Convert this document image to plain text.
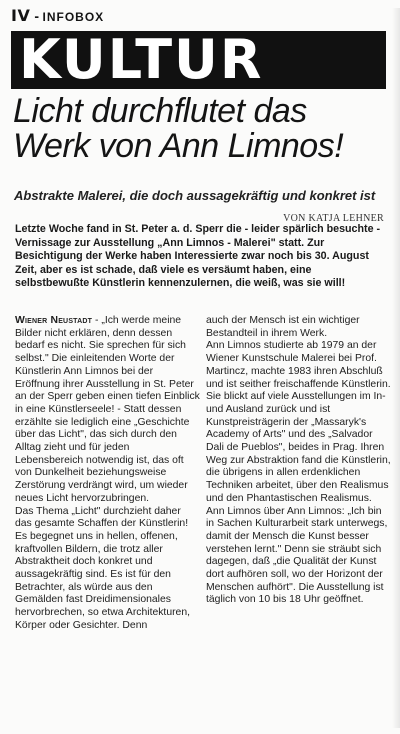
IV - INFOBOX
KULTUR
Licht durchflutet das Werk von Ann Limnos!
Abstrakte Malerei, die doch aussagekräftig und konkret ist
VON KATJA LEHNER
Letzte Woche fand in St. Peter a. d. Sperr die - leider spärlich besuchte - Vernissage zur Ausstellung „Ann Limnos - Malerei" statt. Zur Besichtigung der Werke haben Interessierte zwar noch bis 30. August Zeit, aber es ist schade, daß viele es versäumt haben, eine selbstbewußte Künstlerin kennenzulernen, die weiß, was sie will!

Wiener Neustadt - „Ich werde meine Bilder nicht erklären, denn dessen bedarf es nicht. Sie sprechen für sich selbst." Die einleitenden Worte der Künstlerin Ann Limnos bei der Eröffnung ihrer Ausstellung in St. Peter an der Sperr geben einen tiefen Einblick in eine Künstlerseele! - Statt dessen erzählte sie lediglich eine „Geschichte über das Licht", das sich durch den Alltag zieht und für jeden Lebensbereich notwendig ist, das oft von Dunkelheit beziehungsweise Zerstörung verdrängt wird, um wieder neues Licht hervorzubringen.

Das Thema „Licht" durchzieht daher das gesamte Schaffen der Künstlerin! Es begegnet uns in hellen, offenen, kraftvollen Bildern, die trotz aller Abstraktheit doch konkret und aussagekräftig sind. Es ist für den Betrachter, als würde aus den Gemälden fast Dreidimensionales hervorbrechen, so etwa Architekturen, Körper oder Gesichter. Denn

auch der Mensch ist ein wichtiger Bestandteil in ihrem Werk.

Ann Limnos studierte ab 1979 an der Wiener Kunstschule Malerei bei Prof. Martincz, machte 1983 ihren Abschluß und ist seither freischaffende Künstlerin. Sie blickt auf viele Ausstellungen im In- und Ausland zurück und ist Kunstpreisträgerin der „Massaryk's Academy of Arts" und des „Salvador Dali de Pueblos", beides in Prag. Ihren Weg zur Abstraktion fand die Künstlerin, die übrigens in allen erdenklichen Techniken arbeitet, über den Realismus und den Phantastischen Realismus.

Ann Limnos über Ann Limnos: „Ich bin in Sachen Kulturarbeit stark unterwegs, damit der Mensch die Kunst besser verstehen lernt." Denn sie sträubt sich dagegen, daß „die Qualität der Kunst dort aufhören soll, wo der Horizont der Menschen aufhört". Die Ausstellung ist täglich von 10 bis 18 Uhr geöffnet.
